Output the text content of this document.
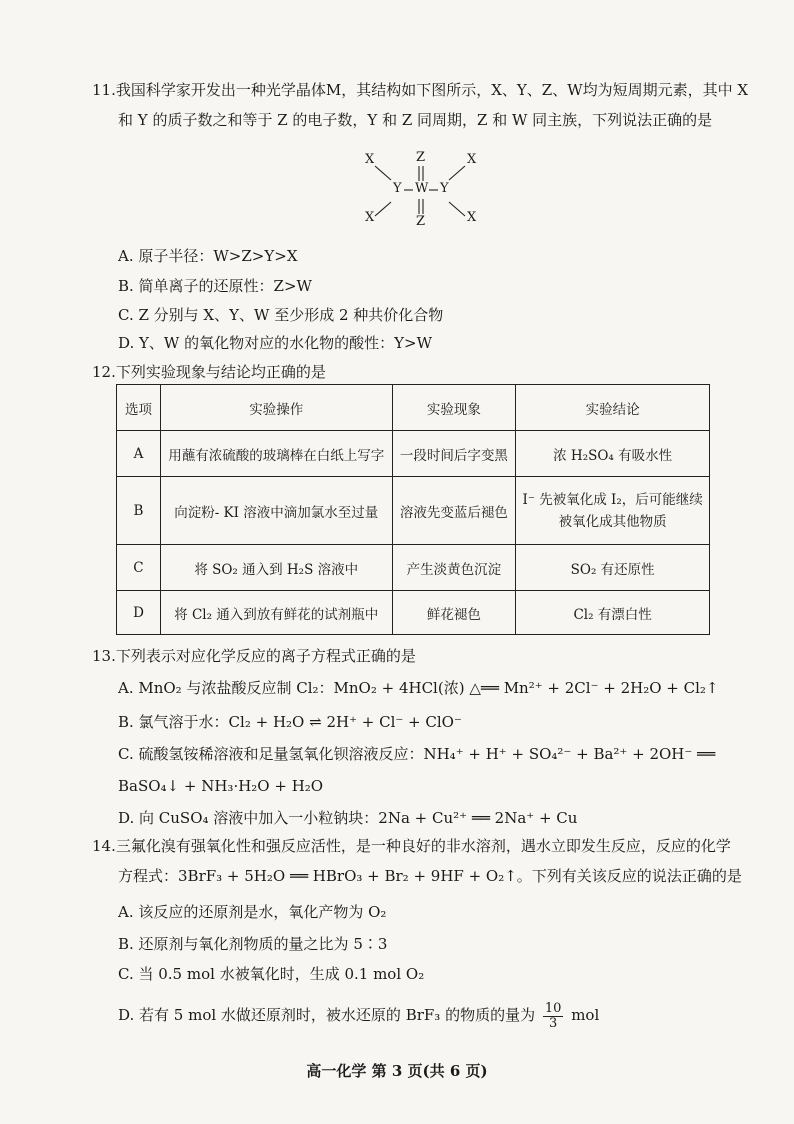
11.我国科学家开发出一种光学晶体M，其结构如下图所示，X、Y、Z、W均为短周期元素，其中 X
和 Y 的质子数之和等于 Z 的电子数，Y 和 Z 同周期，Z 和 W 同主族，下列说法正确的是
X
X
X
X
Y	Y
W
Z
Z
A. 原子半径：W>Z>Y>X
B. 简单离子的还原性：Z>W
C. Z 分别与 X、Y、W 至少形成 2 种共价化合物
D. Y、W 的氧化物对应的水化物的酸性：Y>W
12.下列实验现象与结论均正确的是
选项	实验操作	实验现象	实验结论
A	用蘸有浓硫酸的玻璃棒在白纸上写字	一段时间后字变黑	浓 H₂SO₄ 有吸水性
B	向淀粉- KI 溶液中滴加氯水至过量	溶液先变蓝后褪色	I⁻ 先被氧化成 I₂，后可能继续
被氧化成其他物质

C	将 SO₂ 通入到 H₂S 溶液中	产生淡黄色沉淀	SO₂ 有还原性
D	将 Cl₂ 通入到放有鲜花的试剂瓶中	鲜花褪色	Cl₂ 有漂白性
13.下列表示对应化学反应的离子方程式正确的是
A. MnO₂ 与浓盐酸反应制 Cl₂：MnO₂ + 4HCl(浓) △══ Mn²⁺ + 2Cl⁻ + 2H₂O + Cl₂↑
B. 氯气溶于水：Cl₂ + H₂O ⇌ 2H⁺ + Cl⁻ + ClO⁻
C. 硫酸氢铵稀溶液和足量氢氧化钡溶液反应：NH₄⁺ + H⁺ + SO₄²⁻ + Ba²⁺ + 2OH⁻ ══
BaSO₄↓ + NH₃·H₂O + H₂O
D. 向 CuSO₄ 溶液中加入一小粒钠块：2Na + Cu²⁺ ══ 2Na⁺ + Cu
14.三氟化溴有强氧化性和强反应活性，是一种良好的非水溶剂，遇水立即发生反应，反应的化学
方程式：3BrF₃ + 5H₂O ══ HBrO₃ + Br₂ + 9HF + O₂↑。下列有关该反应的说法正确的是
A. 该反应的还原剂是水，氧化产物为 O₂
B. 还原剂与氧化剂物质的量之比为 5∶3
C. 当 0.5 mol 水被氧化时，生成 0.1 mol O₂
D. 若有 5 mol 水做还原剂时，被水还原的 BrF₃ 的物质的量为 $\frac{10}{3}$ mol
高一化学 第 3 页(共 6 页)
